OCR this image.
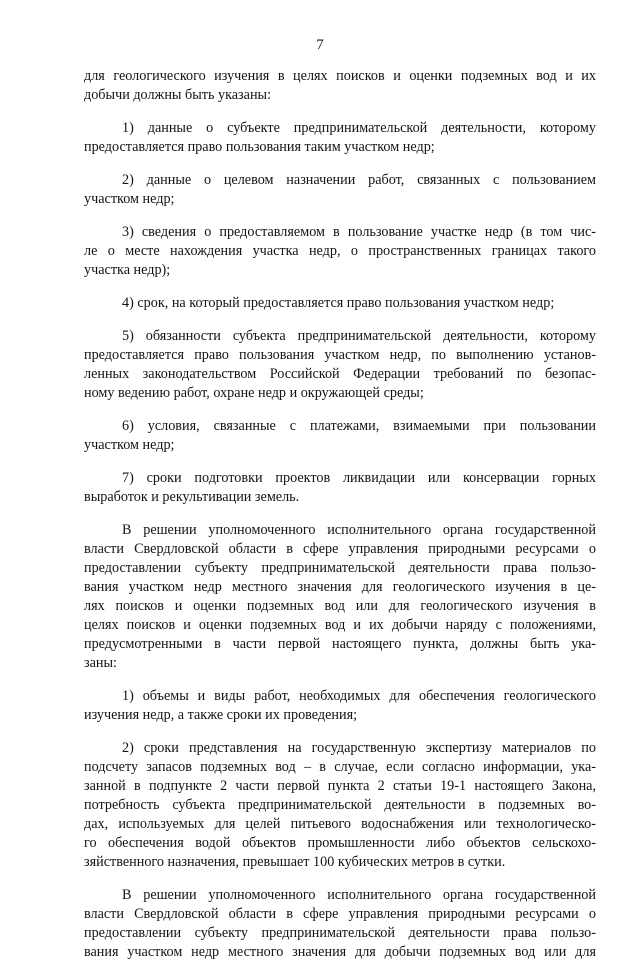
7
для геологического изучения в целях поисков и оценки подземных вод и их
добычи должны быть указаны:
1) данные о субъекте предпринимательской деятельности, которому
предоставляется право пользования таким участком недр;
2) данные о целевом назначении работ, связанных с пользованием
участком недр;
3) сведения о предоставляемом в пользование участке недр (в том чис-
ле о месте нахождения участка недр, о пространственных границах такого
участка недр);
4) срок, на который предоставляется право пользования участком недр;
5) обязанности субъекта предпринимательской деятельности, которому
предоставляется право пользования участком недр, по выполнению установ-
ленных законодательством Российской Федерации требований по безопас-
ному ведению работ, охране недр и окружающей среды;
6) условия, связанные с платежами, взимаемыми при пользовании
участком недр;
7) сроки подготовки проектов ликвидации или консервации горных
выработок и рекультивации земель.
В решении уполномоченного исполнительного органа государственной
власти Свердловской области в сфере управления природными ресурсами о
предоставлении субъекту предпринимательской деятельности права пользо-
вания участком недр местного значения для геологического изучения в це-
лях поисков и оценки подземных вод или для геологического изучения в
целях поисков и оценки подземных вод и их добычи наряду с положениями,
предусмотренными в части первой настоящего пункта, должны быть ука-
заны:
1) объемы и виды работ, необходимых для обеспечения геологического
изучения недр, а также сроки их проведения;
2) сроки представления на государственную экспертизу материалов по
подсчету запасов подземных вод – в случае, если согласно информации, ука-
занной в подпункте 2 части первой пункта 2 статьи 19-1 настоящего Закона,
потребность субъекта предпринимательской деятельности в подземных во-
дах, используемых для целей питьевого водоснабжения или технологическо-
го обеспечения водой объектов промышленности либо объектов сельскохо-
зяйственного назначения, превышает 100 кубических метров в сутки.
В решении уполномоченного исполнительного органа государственной
власти Свердловской области в сфере управления природными ресурсами о
предоставлении субъекту предпринимательской деятельности права пользо-
вания участком недр местного значения для добычи подземных вод или для
